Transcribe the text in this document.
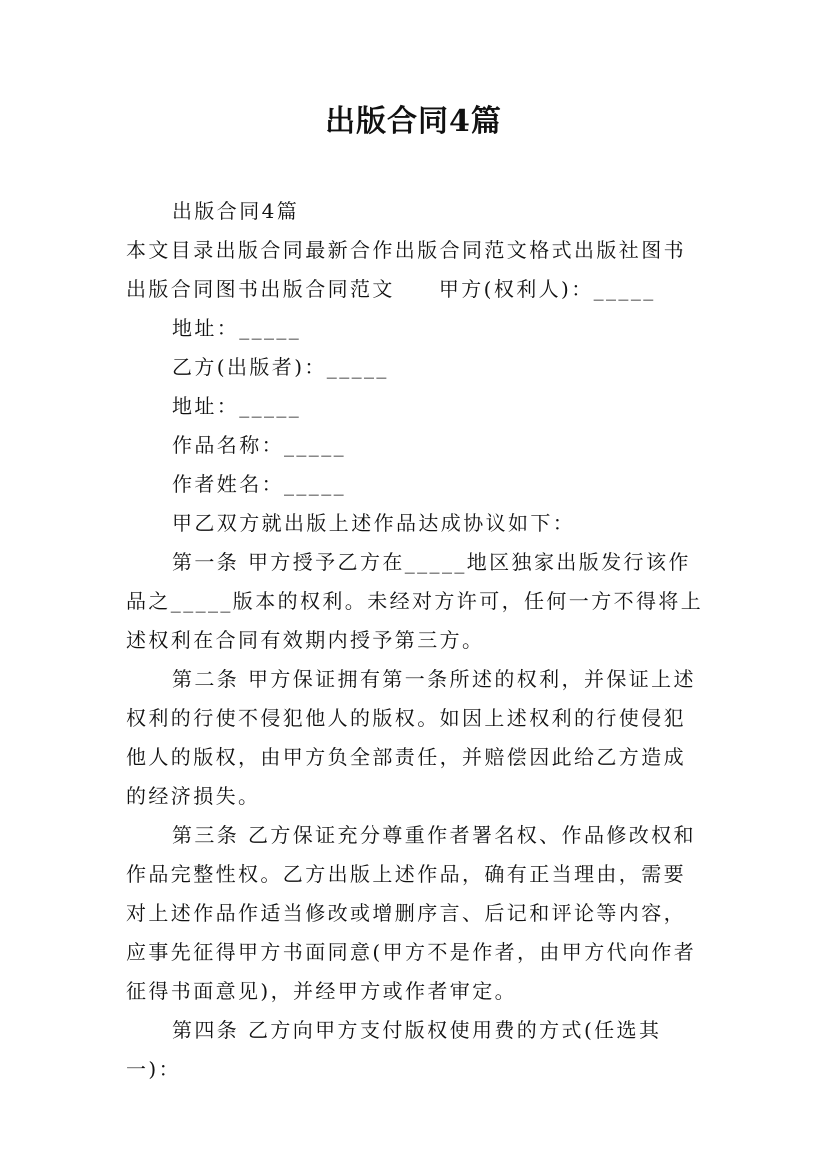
出版合同4篇

出版合同4篇

本文目录出版合同最新合作出版合同范文格式出版社图书出版合同图书出版合同范文 甲方(权利人)：_____

地址：_____

乙方(出版者)：_____

地址：_____

作品名称：_____

作者姓名：_____

甲乙双方就出版上述作品达成协议如下：

第一条 甲方授予乙方在_____地区独家出版发行该作品之_____版本的权利。未经对方许可，任何一方不得将上述权利在合同有效期内授予第三方。

第二条 甲方保证拥有第一条所述的权利，并保证上述权利的行使不侵犯他人的版权。如因上述权利的行使侵犯他人的版权，由甲方负全部责任，并赔偿因此给乙方造成的经济损失。

第三条 乙方保证充分尊重作者署名权、作品修改权和作品完整性权。乙方出版上述作品，确有正当理由，需要对上述作品作适当修改或增删序言、后记和评论等内容，应事先征得甲方书面同意(甲方不是作者，由甲方代向作者征得书面意见)，并经甲方或作者审定。

第四条 乙方向甲方支付版权使用费的方式(任选其一)：
